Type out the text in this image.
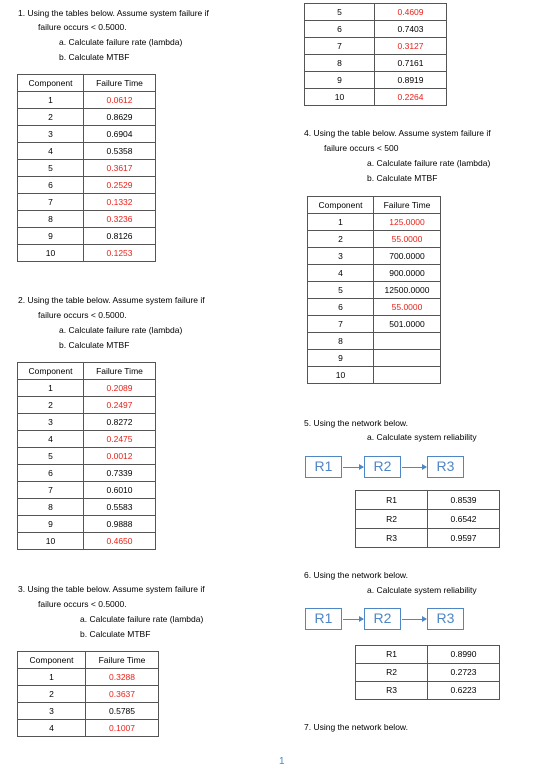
1. Using the tables below. Assume system failure if
failure occurs < 0.5000.
a. Calculate failure rate (lambda)
b. Calculate MTBF
Component	Failure Time
1	0.0612
2	0.8629
3	0.6904
4	0.5358
5	0.3617
6	0.2529
7	0.1332
8	0.3236
9	0.8126
10	0.1253
2. Using the table below. Assume system failure if
failure occurs < 0.5000.
a. Calculate failure rate (lambda)
b. Calculate MTBF
Component	Failure Time
1	0.2089
2	0.2497
3	0.8272
4	0.2475
5	0.0012
6	0.7339
7	0.6010
8	0.5583
9	0.9888
10	0.4650
3. Using the table below. Assume system failure if
failure occurs < 0.5000.
a. Calculate failure rate (lambda)
b. Calculate MTBF
Component	Failure Time
1	0.3288
2	0.3637
3	0.5785
4	0.1007
5	0.4609
6	0.7403
7	0.3127
8	0.7161
9	0.8919
10	0.2264
4. Using the table below. Assume system failure if
failure occurs < 500
a. Calculate failure rate (lambda)
b. Calculate MTBF
Component	Failure Time
1	125.0000
2	55.0000
3	700.0000
4	900.0000
5	12500.0000
6	55.0000
7	501.0000
8	
9	
10	
5. Using the network below.
a. Calculate system reliability
R1	R2	R3
R1	0.8539
R2	0.6542
R3	0.9597
6. Using the network below.
a. Calculate system reliability
R1	R2	R3
R1	0.8990
R2	0.2723
R3	0.6223
7. Using the network below.
1
